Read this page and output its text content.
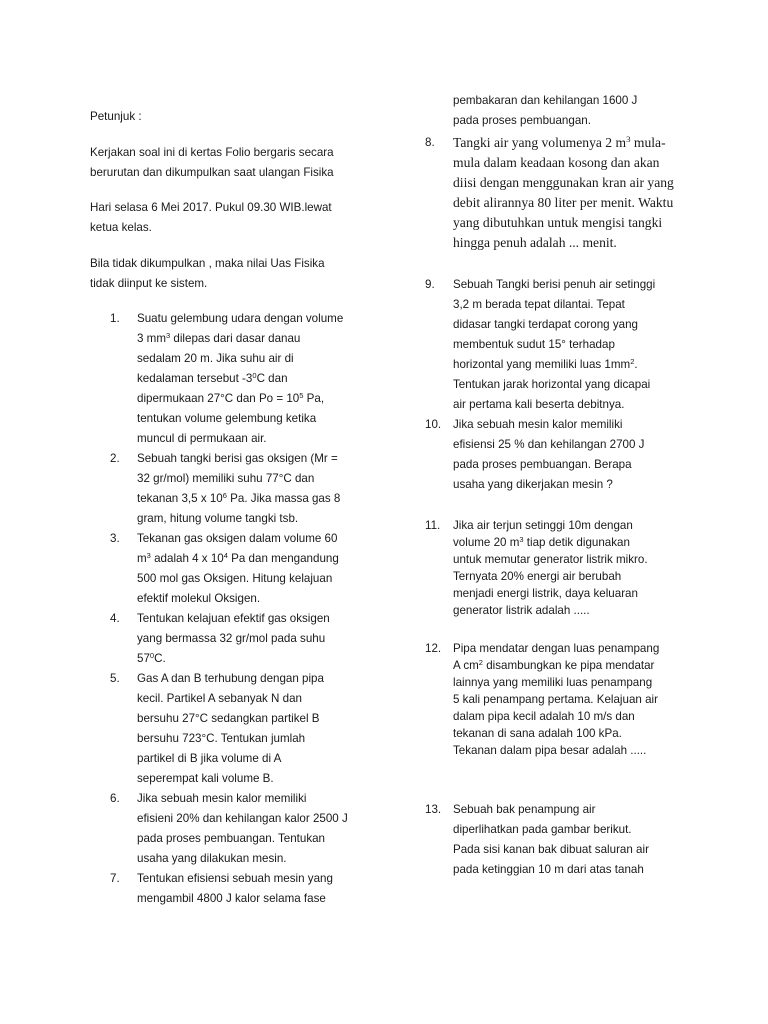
Petunjuk :

Kerjakan soal ini di kertas Folio bergaris secara
berurutan dan dikumpulkan saat ulangan Fisika

Hari selasa 6 Mei 2017. Pukul 09.30 WIB.lewat
ketua kelas.

Bila tidak dikumpulkan , maka nilai Uas Fisika
tidak diinput ke sistem.

1.	Suatu gelembung udara dengan volume
3 $mm^3$ dilepas dari dasar danau
sedalam 20 m. Jika suhu air di
kedalaman tersebut $-3^0C$ dan
dipermukaan 27°C dan $Po = 10^5$ Pa,
tentukan volume gelembung ketika
muncul di permukaan air.
2.	Sebuah tangki berisi gas oksigen (Mr =
32 gr/mol) memiliki suhu 77°C dan
tekanan 3,5 x $10^6$ Pa. Jika massa gas 8
gram, hitung volume tangki tsb.
3.	Tekanan gas oksigen dalam volume 60
$m^3$ adalah 4 x $10^4$ Pa dan mengandung
500 mol gas Oksigen. Hitung kelajuan
efektif molekul Oksigen.
4.	Tentukan kelajuan efektif gas oksigen
yang bermassa 32 gr/mol pada suhu
$57^0C$.
5.	Gas A dan B terhubung dengan pipa
kecil. Partikel A sebanyak N dan
bersuhu 27°C sedangkan partikel B
bersuhu 723°C. Tentukan jumlah
partikel di B jika volume di A
seperempat kali volume B.
6.	Jika sebuah mesin kalor memiliki
efisieni 20% dan kehilangan kalor 2500 J
pada proses pembuangan. Tentukan
usaha yang dilakukan mesin.
7.	Tentukan efisiensi sebuah mesin yang
mengambil 4800 J kalor selama fase
pembakaran dan kehilangan 1600 J
pada proses pembuangan.
8.	Tangki air yang volumenya 2 $m^3$ mula-
mula dalam keadaan kosong dan akan
diisi dengan menggunakan kran air yang
debit alirannya 80 liter per menit. Waktu
yang dibutuhkan untuk mengisi tangki
hingga penuh adalah ... menit.
9.	Sebuah Tangki berisi penuh air setinggi
3,2 m berada tepat dilantai. Tepat
didasar tangki terdapat corong yang
membentuk sudut 15° terhadap
horizontal yang memiliki luas $1mm^2$.
Tentukan jarak horizontal yang dicapai
air pertama kali beserta debitnya.
10.	Jika sebuah mesin kalor memiliki
efisiensi 25 % dan kehilangan 2700 J
pada proses pembuangan. Berapa
usaha yang dikerjakan mesin ?
11.	Jika air terjun setinggi 10m dengan
volume 20 $m^3$ tiap detik digunakan
untuk memutar generator listrik mikro.
Ternyata 20% energi air berubah
menjadi energi listrik, daya keluaran
generator listrik adalah .....
12.	Pipa mendatar dengan luas penampang
A $cm^2$ disambungkan ke pipa mendatar
lainnya yang memiliki luas penampang
5 kali penampang pertama. Kelajuan air
dalam pipa kecil adalah 10 m/s dan
tekanan di sana adalah 100 kPa.
Tekanan dalam pipa besar adalah .....
13.	Sebuah bak penampung air
diperlihatkan pada gambar berikut.
Pada sisi kanan bak dibuat saluran air
pada ketinggian 10 m dari atas tanah
